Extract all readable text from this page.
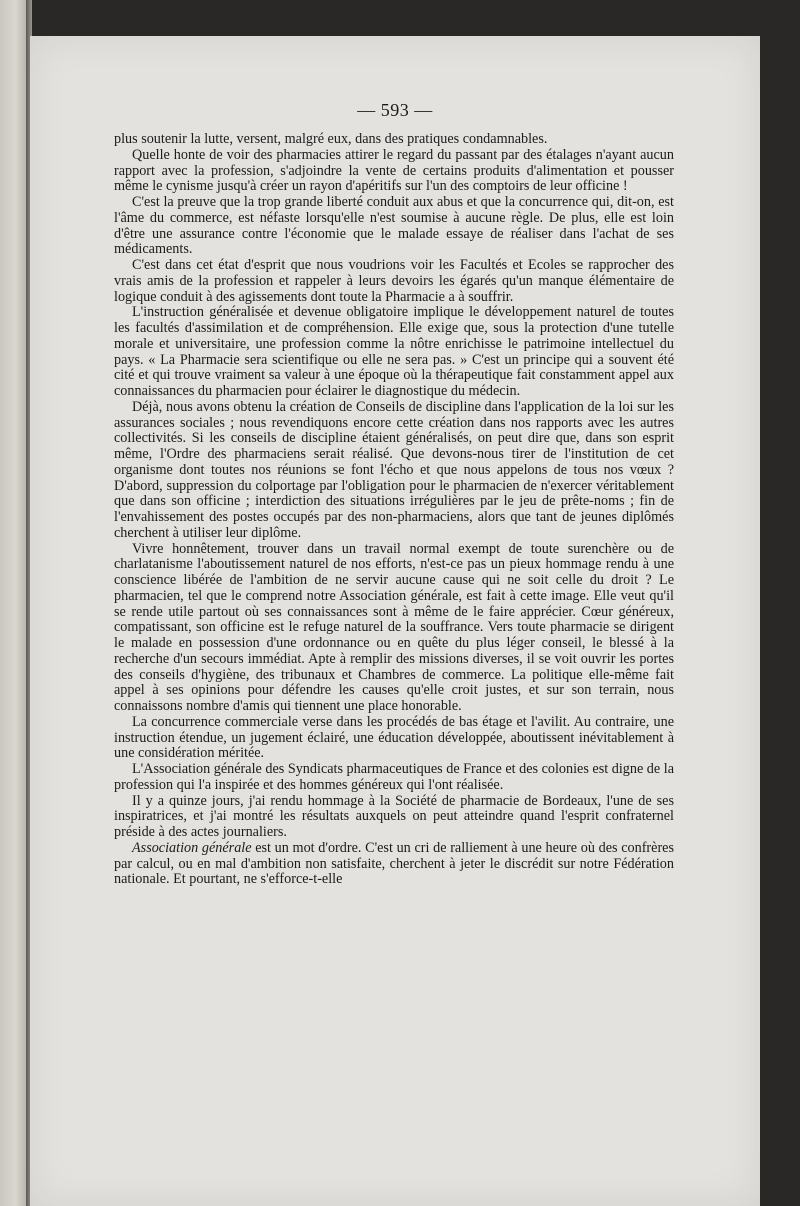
— 593 —

plus soutenir la lutte, versent, malgré eux, dans des pratiques condamnables.

Quelle honte de voir des pharmacies attirer le regard du passant par des étalages n'ayant aucun rapport avec la profession, s'adjoindre la vente de certains produits d'alimentation et pousser même le cynisme jusqu'à créer un rayon d'apéritifs sur l'un des comptoirs de leur officine !

C'est la preuve que la trop grande liberté conduit aux abus et que la concurrence qui, dit-on, est l'âme du commerce, est néfaste lorsqu'elle n'est soumise à aucune règle. De plus, elle est loin d'être une assurance contre l'économie que le malade essaye de réaliser dans l'achat de ses médicaments.

C'est dans cet état d'esprit que nous voudrions voir les Facultés et Ecoles se rapprocher des vrais amis de la profession et rappeler à leurs devoirs les égarés qu'un manque élémentaire de logique conduit à des agissements dont toute la Pharmacie a à souffrir.

L'instruction généralisée et devenue obligatoire implique le développement naturel de toutes les facultés d'assimilation et de compréhension. Elle exige que, sous la protection d'une tutelle morale et universitaire, une profession comme la nôtre enrichisse le patrimoine intellectuel du pays. « La Pharmacie sera scientifique ou elle ne sera pas. » C'est un principe qui a souvent été cité et qui trouve vraiment sa valeur à une époque où la thérapeutique fait constamment appel aux connaissances du pharmacien pour éclairer le diagnostique du médecin.

Déjà, nous avons obtenu la création de Conseils de discipline dans l'application de la loi sur les assurances sociales ; nous revendiquons encore cette création dans nos rapports avec les autres collectivités. Si les conseils de discipline étaient généralisés, on peut dire que, dans son esprit même, l'Ordre des pharmaciens serait réalisé. Que devons-nous tirer de l'institution de cet organisme dont toutes nos réunions se font l'écho et que nous appelons de tous nos vœux ? D'abord, suppression du colportage par l'obligation pour le pharmacien de n'exercer véritablement que dans son officine ; interdiction des situations irrégulières par le jeu de prête-noms ; fin de l'envahissement des postes occupés par des non-pharmaciens, alors que tant de jeunes diplômés cherchent à utiliser leur diplôme.

Vivre honnêtement, trouver dans un travail normal exempt de toute surenchère ou de charlatanisme l'aboutissement naturel de nos efforts, n'est-ce pas un pieux hommage rendu à une conscience libérée de l'ambition de ne servir aucune cause qui ne soit celle du droit ? Le pharmacien, tel que le comprend notre Association générale, est fait à cette image. Elle veut qu'il se rende utile partout où ses connaissances sont à même de le faire apprécier. Cœur généreux, compatissant, son officine est le refuge naturel de la souffrance. Vers toute pharmacie se dirigent le malade en possession d'une ordonnance ou en quête du plus léger conseil, le blessé à la recherche d'un secours immédiat. Apte à remplir des missions diverses, il se voit ouvrir les portes des conseils d'hygiène, des tribunaux et Chambres de commerce. La politique elle-même fait appel à ses opinions pour défendre les causes qu'elle croit justes, et sur son terrain, nous connaissons nombre d'amis qui tiennent une place honorable.

La concurrence commerciale verse dans les procédés de bas étage et l'avilit. Au contraire, une instruction étendue, un jugement éclairé, une éducation développée, aboutissent inévitablement à une considération méritée.

L'Association générale des Syndicats pharmaceutiques de France et des colonies est digne de la profession qui l'a inspirée et des hommes généreux qui l'ont réalisée.

Il y a quinze jours, j'ai rendu hommage à la Société de pharmacie de Bordeaux, l'une de ses inspiratrices, et j'ai montré les résultats auxquels on peut atteindre quand l'esprit confraternel préside à des actes journaliers.

Association générale est un mot d'ordre. C'est un cri de ralliement à une heure où des confrères par calcul, ou en mal d'ambition non satisfaite, cherchent à jeter le discrédit sur notre Fédération nationale. Et pourtant, ne s'efforce-t-elle
